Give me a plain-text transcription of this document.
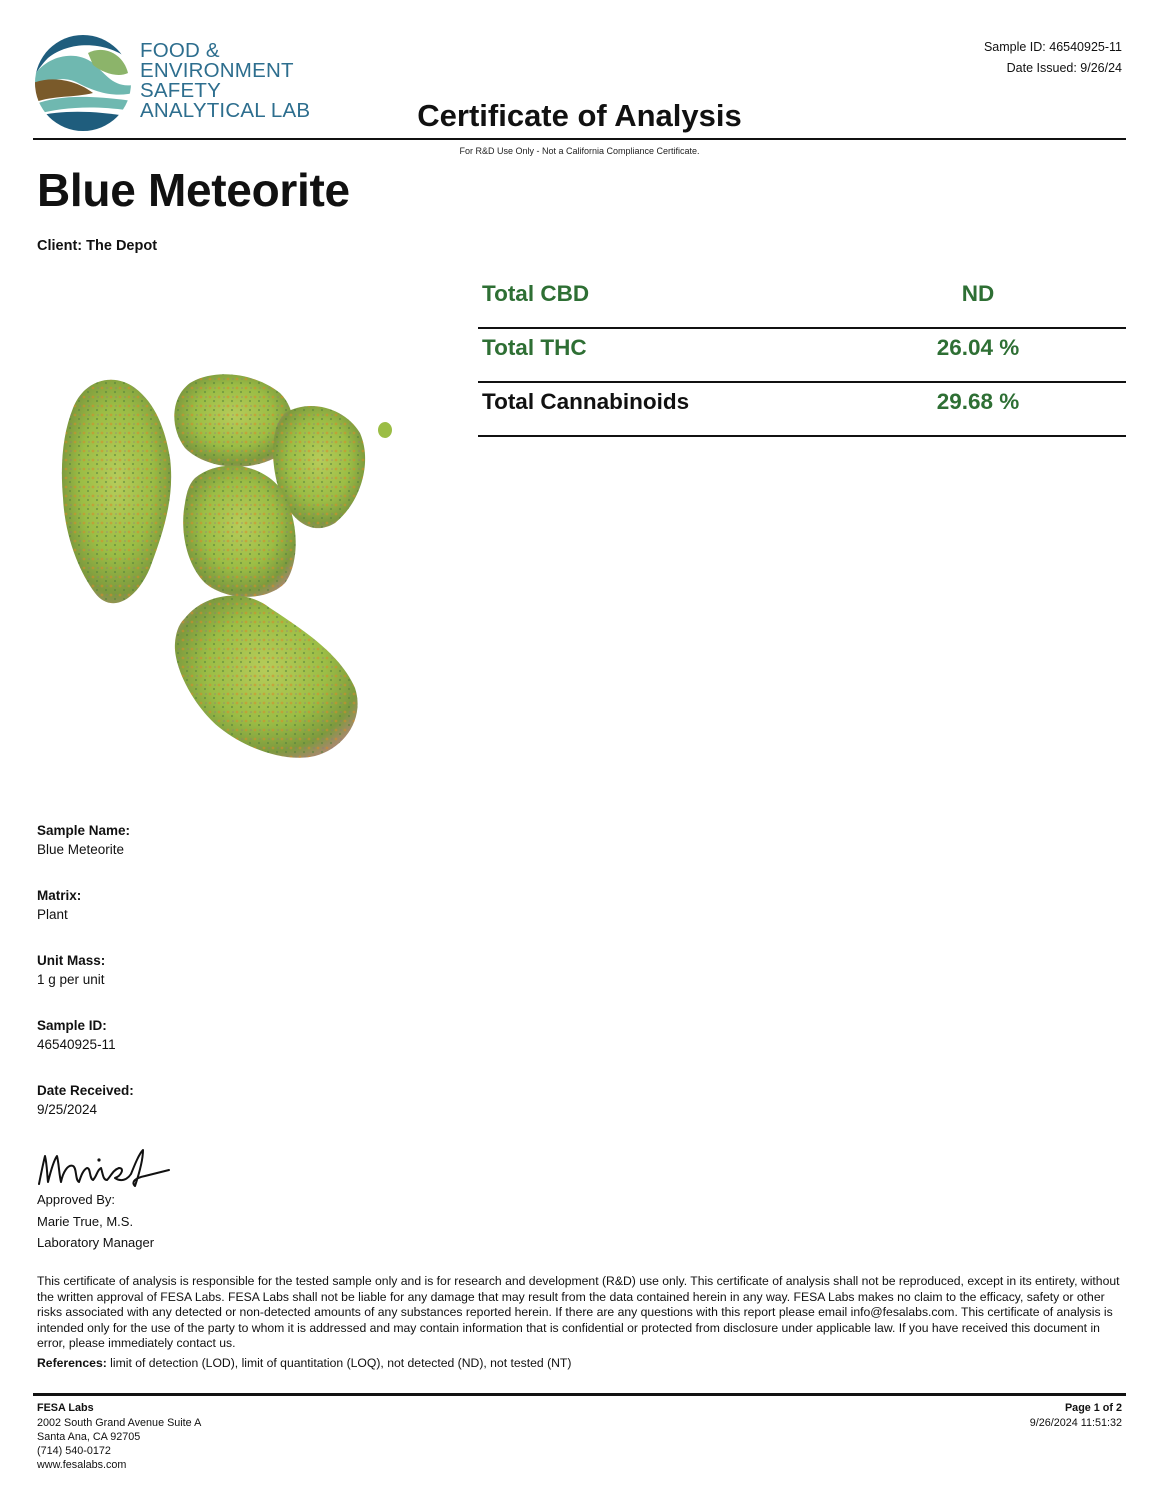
FOOD &
ENVIRONMENT
SAFETY
ANALYTICAL LAB
Sample ID: 46540925-11
Date Issued: 9/26/24
Certificate of Analysis
For R&D Use Only - Not a California Compliance Certificate.
Blue Meteorite
Client: The Depot
Total CBD	ND
Total THC	26.04 %
Total Cannabinoids	29.68 %
Sample Name:
Blue Meteorite
Matrix:
Plant
Unit Mass:
1 g per unit
Sample ID:
46540925-11
Date Received:
9/25/2024
Approved By:
Marie True, M.S.
Laboratory Manager
This certificate of analysis is responsible for the tested sample only and is for research and development (R&D) use only. This certificate of analysis shall not be reproduced, except in its entirety, without the written approval of FESA Labs. FESA Labs shall not be liable for any damage that may result from the data contained herein in any way. FESA Labs makes no claim to the efficacy, safety or other risks associated with any detected or non-detected amounts of any substances reported herein. If there are any questions with this report please email info@fesalabs.com. This certificate of analysis is intended only for the use of the party to whom it is addressed and may contain information that is confidential or protected from disclosure under applicable law. If you have received this document in error, please immediately contact us.
References: limit of detection (LOD), limit of quantitation (LOQ), not detected (ND), not tested (NT)
FESA Labs
2002 South Grand Avenue Suite A
Santa Ana, CA 92705
(714) 540-0172
www.fesalabs.com
Page 1 of 2
9/26/2024 11:51:32
